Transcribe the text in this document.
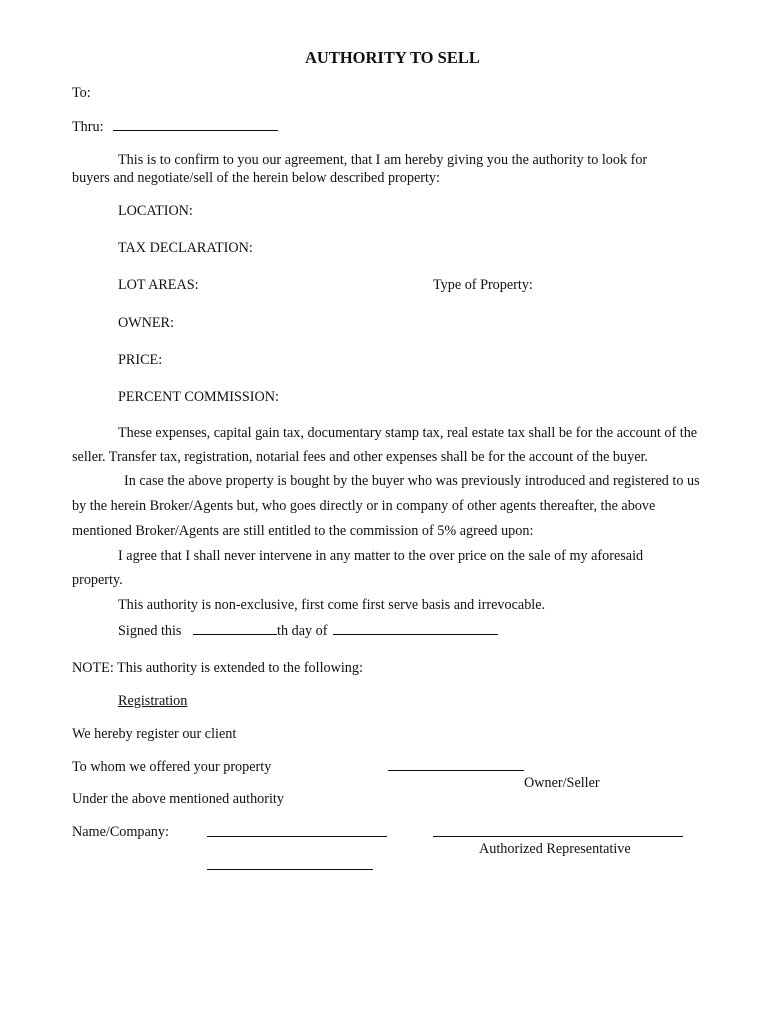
AUTHORITY TO SELL
To:
Thru:
This is to confirm to you our agreement, that I am hereby giving you the authority to look for
buyers and negotiate/sell of the herein below described property:
LOCATION:
TAX DECLARATION:
LOT AREAS:	Type of Property:
OWNER:
PRICE:
PERCENT COMMISSION:
These expenses, capital gain tax, documentary stamp tax, real estate tax shall be for the account of the
seller. Transfer tax, registration, notarial fees and other expenses shall be for the account of the buyer.
In case the above property is bought by the buyer who was previously introduced and registered to us
by the herein Broker/Agents but, who goes directly or in company of other agents thereafter, the above
mentioned Broker/Agents are still entitled to the commission of 5% agreed upon:
I agree that I shall never intervene in any matter to the over price on the sale of my aforesaid
property.
This authority is non-exclusive, first come first serve basis and irrevocable.
Signed this	th day of
NOTE: This authority is extended to the following:
Registration
We hereby register our client
To whom we offered your property
Owner/Seller
Under the above mentioned authority
Name/Company:
Authorized Representative
